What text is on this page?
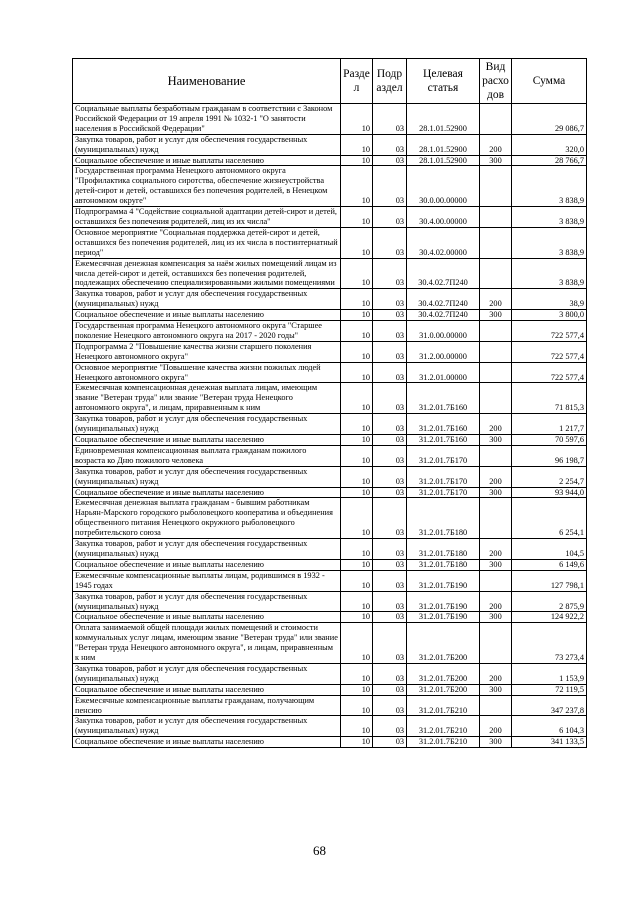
Наименование	Разде л	Подр аздел	Целевая статья	Вид расхо дов	Сумма
Социальные выплаты безработным гражданам в соответствии с Законом Российской Федерации от 19 апреля 1991 № 1032-1 "О занятости населения в Российской Федерации"	10	03	28.1.01.52900		29 086,7
Закупка товаров, работ и услуг для обеспечения государственных (муниципальных) нужд	10	03	28.1.01.52900	200	320,0
Социальное обеспечение и иные выплаты населению	10	03	28.1.01.52900	300	28 766,7
Государственная программа Ненецкого автономного округа "Профилактика социального сиротства, обеспечение жизнеустройства детей-сирот и детей, оставшихся без попечения родителей, в Ненецком автономном округе"	10	03	30.0.00.00000		3 838,9
Подпрограмма 4 "Содействие социальной адаптации детей-сирот и детей, оставшихся без попечения родителей, лиц из их числа"	10	03	30.4.00.00000		3 838,9
Основное мероприятие "Социальная поддержка детей-сирот и детей, оставшихся без попечения родителей, лиц из их числа в постинтернатный период"	10	03	30.4.02.00000		3 838,9
Ежемесячная денежная компенсация за наём жилых помещений лицам из числа детей-сирот и детей, оставшихся без попечения родителей, подлежащих обеспечению специализированными жилыми помещениями	10	03	30.4.02.7П240		3 838,9
Закупка товаров, работ и услуг для обеспечения государственных (муниципальных) нужд	10	03	30.4.02.7П240	200	38,9
Социальное обеспечение и иные выплаты населению	10	03	30.4.02.7П240	300	3 800,0
Государственная программа Ненецкого автономного округа "Старшее поколение Ненецкого автономного округа на 2017 - 2020 годы"	10	03	31.0.00.00000		722 577,4
Подпрограмма 2 "Повышение качества жизни старшего поколения Ненецкого автономного округа"	10	03	31.2.00.00000		722 577,4
Основное мероприятие "Повышение качества жизни пожилых людей Ненецкого автономного округа"	10	03	31.2.01.00000		722 577,4
Ежемесячная компенсационная денежная выплата лицам, имеющим звание "Ветеран труда" или звание "Ветеран труда Ненецкого автономного округа", и лицам, приравненным к ним	10	03	31.2.01.7Б160		71 815,3
Закупка товаров, работ и услуг для обеспечения государственных (муниципальных) нужд	10	03	31.2.01.7Б160	200	1 217,7
Социальное обеспечение и иные выплаты населению	10	03	31.2.01.7Б160	300	70 597,6
Единовременная компенсационная выплата гражданам пожилого возраста ко Дню пожилого человека	10	03	31.2.01.7Б170		96 198,7
Закупка товаров, работ и услуг для обеспечения государственных (муниципальных) нужд	10	03	31.2.01.7Б170	200	2 254,7
Социальное обеспечение и иные выплаты населению	10	03	31.2.01.7Б170	300	93 944,0
Ежемесячная денежная выплата гражданам - бывшим работникам Нарьян-Марского городского рыболовецкого кооператива и объединения общественного питания Ненецкого окружного рыболовецкого потребительского союза	10	03	31.2.01.7Б180		6 254,1
Закупка товаров, работ и услуг для обеспечения государственных (муниципальных) нужд	10	03	31.2.01.7Б180	200	104,5
Социальное обеспечение и иные выплаты населению	10	03	31.2.01.7Б180	300	6 149,6
Ежемесячные компенсационные выплаты лицам, родившимся в 1932 - 1945 годах	10	03	31.2.01.7Б190		127 798,1
Закупка товаров, работ и услуг для обеспечения государственных (муниципальных) нужд	10	03	31.2.01.7Б190	200	2 875,9
Социальное обеспечение и иные выплаты населению	10	03	31.2.01.7Б190	300	124 922,2
Оплата занимаемой общей площади жилых помещений и стоимости коммунальных услуг лицам, имеющим звание "Ветеран труда" или звание "Ветеран труда Ненецкого автономного округа", и лицам, приравненным к ним	10	03	31.2.01.7Б200		73 273,4
Закупка товаров, работ и услуг для обеспечения государственных (муниципальных) нужд	10	03	31.2.01.7Б200	200	1 153,9
Социальное обеспечение и иные выплаты населению	10	03	31.2.01.7Б200	300	72 119,5
Ежемесячные компенсационные выплаты гражданам, получающим пенсию	10	03	31.2.01.7Б210		347 237,8
Закупка товаров, работ и услуг для обеспечения государственных (муниципальных) нужд	10	03	31.2.01.7Б210	200	6 104,3
Социальное обеспечение и иные выплаты населению	10	03	31.2.01.7Б210	300	341 133,5
68
